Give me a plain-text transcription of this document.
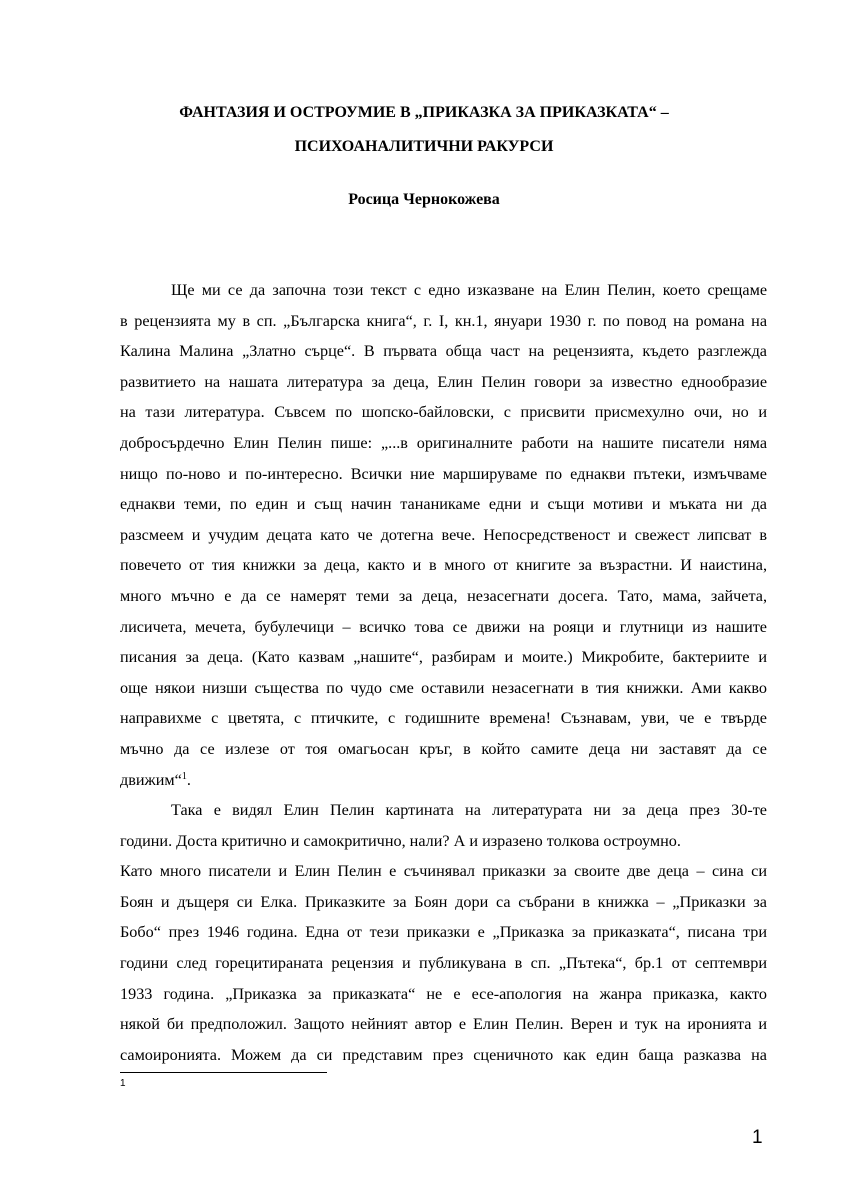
ФАНТАЗИЯ И ОСТРОУМИЕ В „ПРИКАЗКА ЗА ПРИКАЗКАТА“ –
ПСИХОАНАЛИТИЧНИ РАКУРСИ
Росица Чернокожева
Ще ми се да започна този текст с едно изказване на Елин Пелин, което срещаме
в рецензията му в сп. „Българска книга“, г. I, кн.1, януари 1930 г. по повод на романа на
Калина Малина „Златно сърце“. В първата обща част на рецензията, където разглежда
развитието на нашата литература за деца, Елин Пелин говори за известно еднообразие
на тази литература. Съвсем по шопско-байловски, с присвити присмехулно очи, но и
добросърдечно Елин Пелин пише: „...в оригиналните работи на нашите писатели няма
нищо по-ново и по-интересно. Всички ние маршируваме по еднакви пътеки, измъчваме
еднакви теми, по един и същ начин тананикаме едни и същи мотиви и мъката ни да
разсмеем и учудим децата като че дотегна вече. Непосредственост и свежест липсват в
повечето от тия книжки за деца, както и в много от книгите за възрастни. И наистина,
много мъчно е да се намерят теми за деца, незасегнати досега. Тато, мама, зайчета,
лисичета, мечета, бубулечици – всичко това се движи на рояци и глутници из нашите
писания за деца. (Като казвам „нашите“, разбирам и моите.) Микробите, бактериите и
още някои низши същества по чудо сме оставили незасегнати в тия книжки. Ами какво
направихме с цветята, с птичките, с годишните времена! Съзнавам, уви, че е твърде
мъчно да се излезе от тоя омагьосан кръг, в който самите деца ни заставят да се
движим“$^1$.
Така е видял Елин Пелин картината на литературата ни за деца през 30-те
години. Доста критично и самокритично, нали? А и изразено толкова остроумно.
Като много писатели и Елин Пелин е съчинявал приказки за своите две деца – сина си
Боян и дъщеря си Елка. Приказките за Боян дори са събрани в книжка – „Приказки за
Бобо“ през 1946 година. Една от тези приказки е „Приказка за приказката“, писана три
години след горецитираната рецензия и публикувана в сп. „Пътека“, бр.1 от септември
1933 година. „Приказка за приказката“ не е есе-апология на жанра приказка, както
някой би предположил. Защото нейният автор е Елин Пелин. Верен и тук на иронията и
самоиронията. Можем да си представим през сценичното как един баща разказва на
1
1
